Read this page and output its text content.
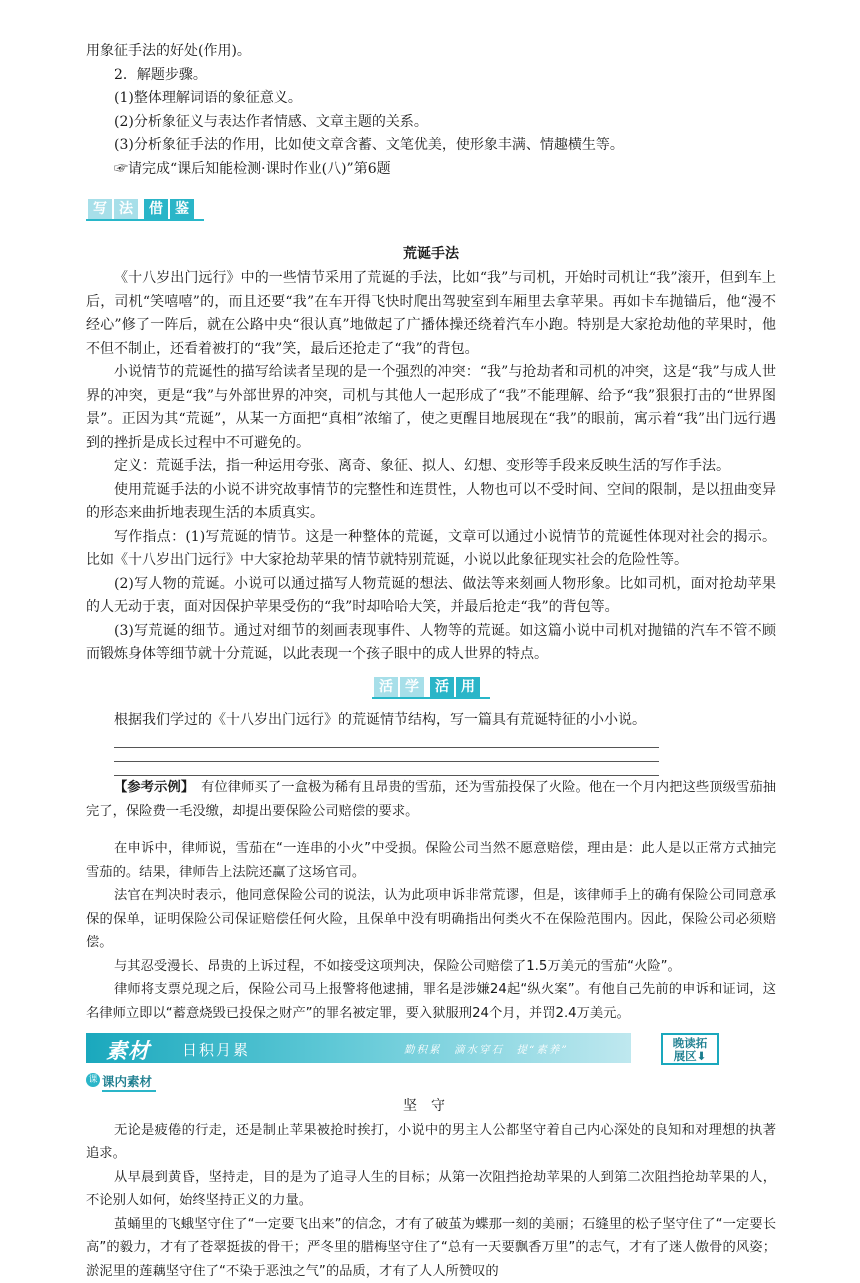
用象征手法的好处(作用)。

2．解题步骤。

(1)整体理解词语的象征意义。

(2)分析象征义与表达作者情感、文章主题的关系。

(3)分析象征手法的作用，比如使文章含蓄、文笔优美，使形象丰满、情趣横生等。

☞请完成“课后知能检测·课时作业(八)”第6题

写 法	借 鉴

荒诞手法

《十八岁出门远行》中的一些情节采用了荒诞的手法，比如“我”与司机，开始时司机让“我”滚开，但到车上后，司机“笑嘻嘻”的，而且还要“我”在车开得飞快时爬出驾驶室到车厢里去拿苹果。再如卡车抛锚后，他“漫不经心”修了一阵后，就在公路中央“很认真”地做起了广播体操还绕着汽车小跑。特别是大家抢劫他的苹果时，他不但不制止，还看着被打的“我”笑，最后还抢走了“我”的背包。

小说情节的荒诞性的描写给读者呈现的是一个强烈的冲突：“我”与抢劫者和司机的冲突，这是“我”与成人世界的冲突，更是“我”与外部世界的冲突，司机与其他人一起形成了“我”不能理解、给予“我”狠狠打击的“世界图景”。正因为其“荒诞”，从某一方面把“真相”浓缩了，使之更醒目地展现在“我”的眼前，寓示着“我”出门远行遇到的挫折是成长过程中不可避免的。

定义：荒诞手法，指一种运用夸张、离奇、象征、拟人、幻想、变形等手段来反映生活的写作手法。

使用荒诞手法的小说不讲究故事情节的完整性和连贯性，人物也可以不受时间、空间的限制，是以扭曲变异的形态来曲折地表现生活的本质真实。

写作指点：(1)写荒诞的情节。这是一种整体的荒诞，文章可以通过小说情节的荒诞性体现对社会的揭示。比如《十八岁出门远行》中大家抢劫苹果的情节就特别荒诞，小说以此象征现实社会的危险性等。

(2)写人物的荒诞。小说可以通过描写人物荒诞的想法、做法等来刻画人物形象。比如司机，面对抢劫苹果的人无动于衷，面对因保护苹果受伤的“我”时却哈哈大笑，并最后抢走“我”的背包等。

(3)写荒诞的细节。通过对细节的刻画表现事件、人物等的荒诞。如这篇小说中司机对抛锚的汽车不管不顾而锻炼身体等细节就十分荒诞，以此表现一个孩子眼中的成人世界的特点。

活 学	活 用

根据我们学过的《十八岁出门远行》的荒诞情节结构，写一篇具有荒诞特征的小小说。

【参考示例】　 有位律师买了一盒极为稀有且昂贵的雪茄，还为雪茄投保了火险。他在一个月内把这些顶级雪茄抽完了，保险费一毛没缴，却提出要保险公司赔偿的要求。

在申诉中，律师说，雪茄在“一连串的小火”中受损。保险公司当然不愿意赔偿，理由是：此人是以正常方式抽完雪茄的。结果，律师告上法院还赢了这场官司。

法官在判决时表示，他同意保险公司的说法，认为此项申诉非常荒谬，但是，该律师手上的确有保险公司同意承保的保单，证明保险公司保证赔偿任何火险，且保单中没有明确指出何类火不在保险范围内。因此，保险公司必须赔偿。

与其忍受漫长、昂贵的上诉过程，不如接受这项判决，保险公司赔偿了1.5万美元的雪茄“火险”。

律师将支票兑现之后，保险公司马上报警将他逮捕，罪名是涉嫌24起“纵火案”。有他自己先前的申诉和证词，这名律师立即以“蓄意烧毁已投保之财产”的罪名被定罪，要入狱服刑24个月，并罚2.4万美元。

素材 日积月累	勤积累　滴水穿石　提“素养”	晚读拓
展区⬇
课 课内素材

坚守

无论是疲倦的行走，还是制止苹果被抢时挨打，小说中的男主人公都坚守着自己内心深处的良知和对理想的执著追求。

从早晨到黄昏，坚持走，目的是为了追寻人生的目标；从第一次阻挡抢劫苹果的人到第二次阻挡抢劫苹果的人，不论别人如何，始终坚持正义的力量。

茧蛹里的飞蛾坚守住了“一定要飞出来”的信念，才有了破茧为蝶那一刻的美丽；石缝里的松子坚守住了“一定要长高”的毅力，才有了苍翠挺拔的骨干；严冬里的腊梅坚守住了“总有一天要飘香万里”的志气，才有了迷人傲骨的风姿；淤泥里的莲藕坚守住了“不染于恶浊之气”的品质，才有了人人所赞叹的
